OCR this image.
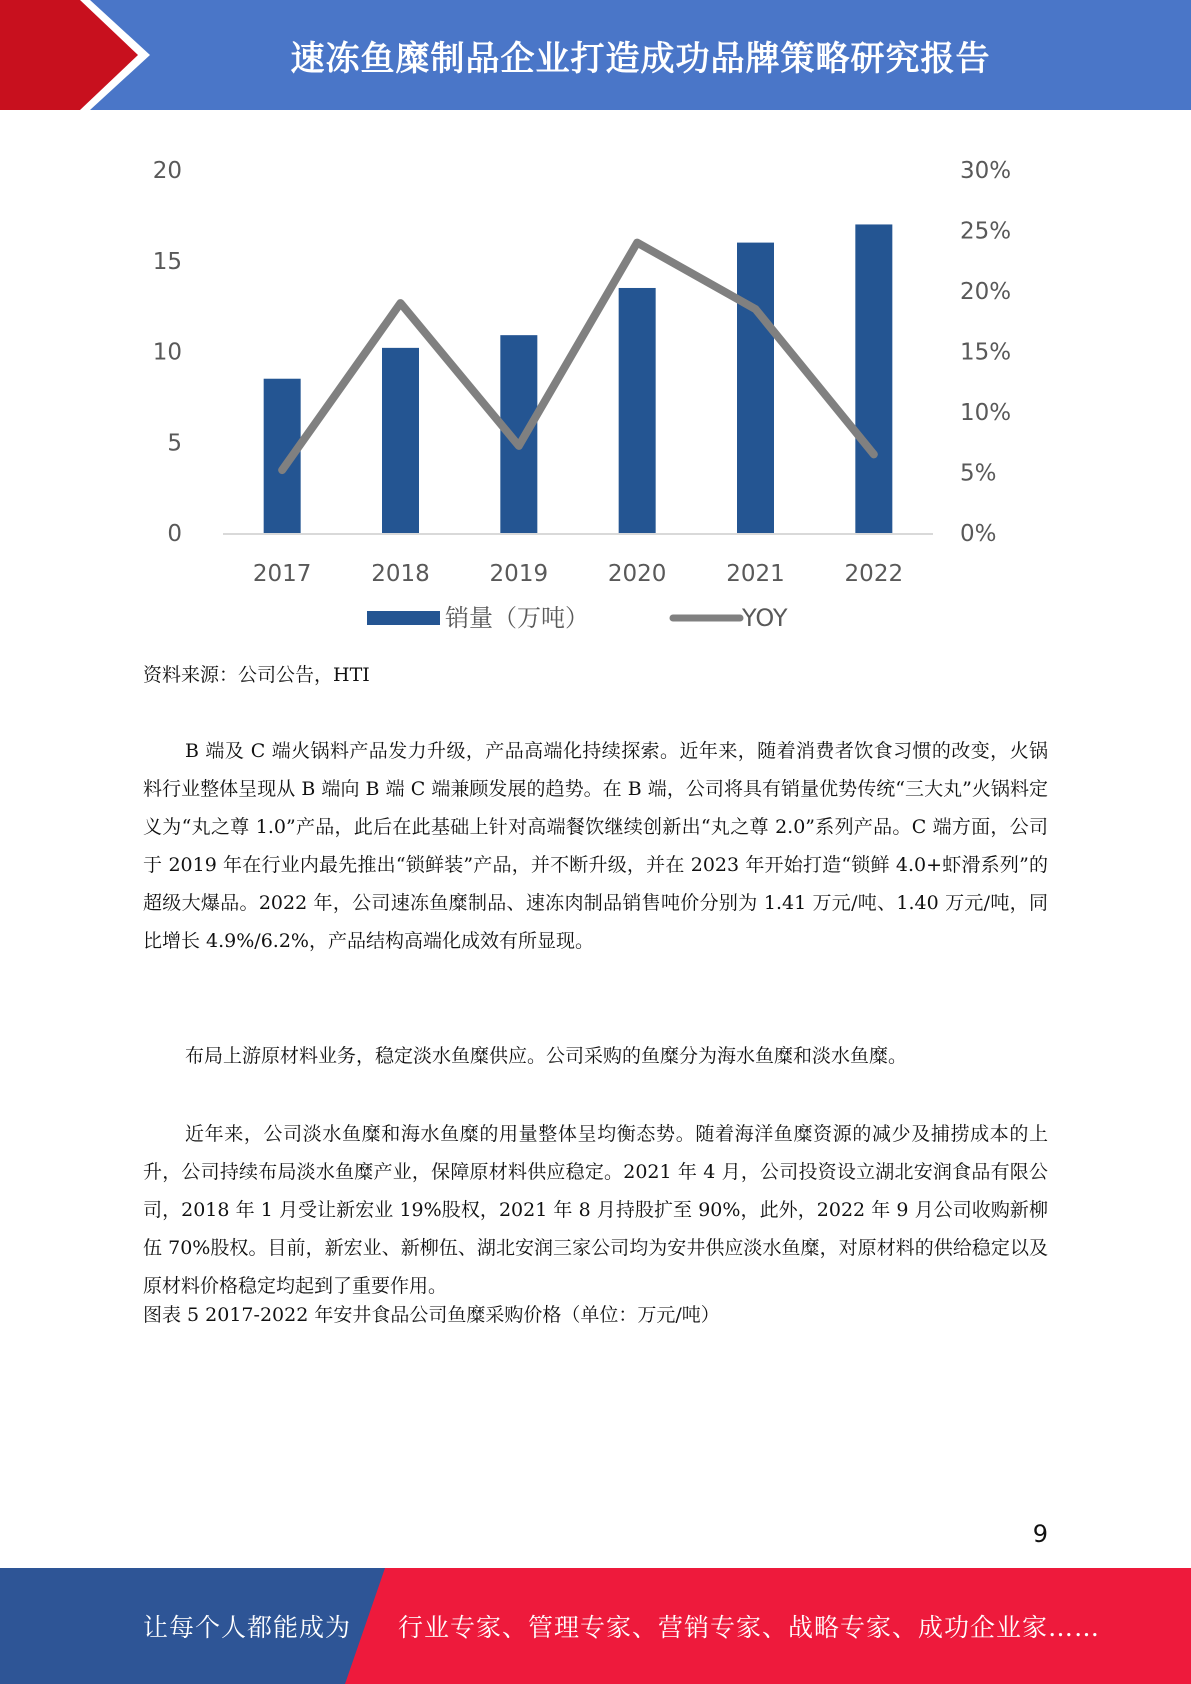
速冻鱼糜制品企业打造成功品牌策略研究报告
0
5
10
15
20
0%
5%
10%
15%
20%
25%
30%
2017	2018	2019	2020	2021	2022
销量（万吨）	YOY
资料来源：公司公告，HTI

B 端及 C 端火锅料产品发力升级，产品高端化持续探索。近年来，随着消费者饮食习惯的改变，火锅料行业整体呈现从 B 端向 B 端 C 端兼顾发展的趋势。在 B 端，公司将具有销量优势传统“三大丸”火锅料定义为“丸之尊 1.0”产品，此后在此基础上针对高端餐饮继续创新出“丸之尊 2.0”系列产品。C 端方面，公司于 2019 年在行业内最先推出“锁鲜装”产品，并不断升级，并在 2023 年开始打造“锁鲜 4.0+虾滑系列”的超级大爆品。2022 年，公司速冻鱼糜制品、速冻肉制品销售吨价分别为 1.41 万元/吨、1.40 万元/吨，同比增长 4.9%/6.2%，产品结构高端化成效有所显现。

布局上游原材料业务，稳定淡水鱼糜供应。公司采购的鱼糜分为海水鱼糜和淡水鱼糜。

近年来，公司淡水鱼糜和海水鱼糜的用量整体呈均衡态势。随着海洋鱼糜资源的减少及捕捞成本的上升，公司持续布局淡水鱼糜产业，保障原材料供应稳定。2021 年 4 月，公司投资设立湖北安润食品有限公司，2018 年 1 月受让新宏业 19%股权，2021 年 8 月持股扩至 90%，此外，2022 年 9 月公司收购新柳伍 70%股权。目前，新宏业、新柳伍、湖北安润三家公司均为安井供应淡水鱼糜，对原材料的供给稳定以及原材料价格稳定均起到了重要作用。

图表 5 2017-2022 年安井食品公司鱼糜采购价格（单位：万元/吨）

9
让每个人都能成为 行业专家、管理专家、营销专家、战略专家、成功企业家……
